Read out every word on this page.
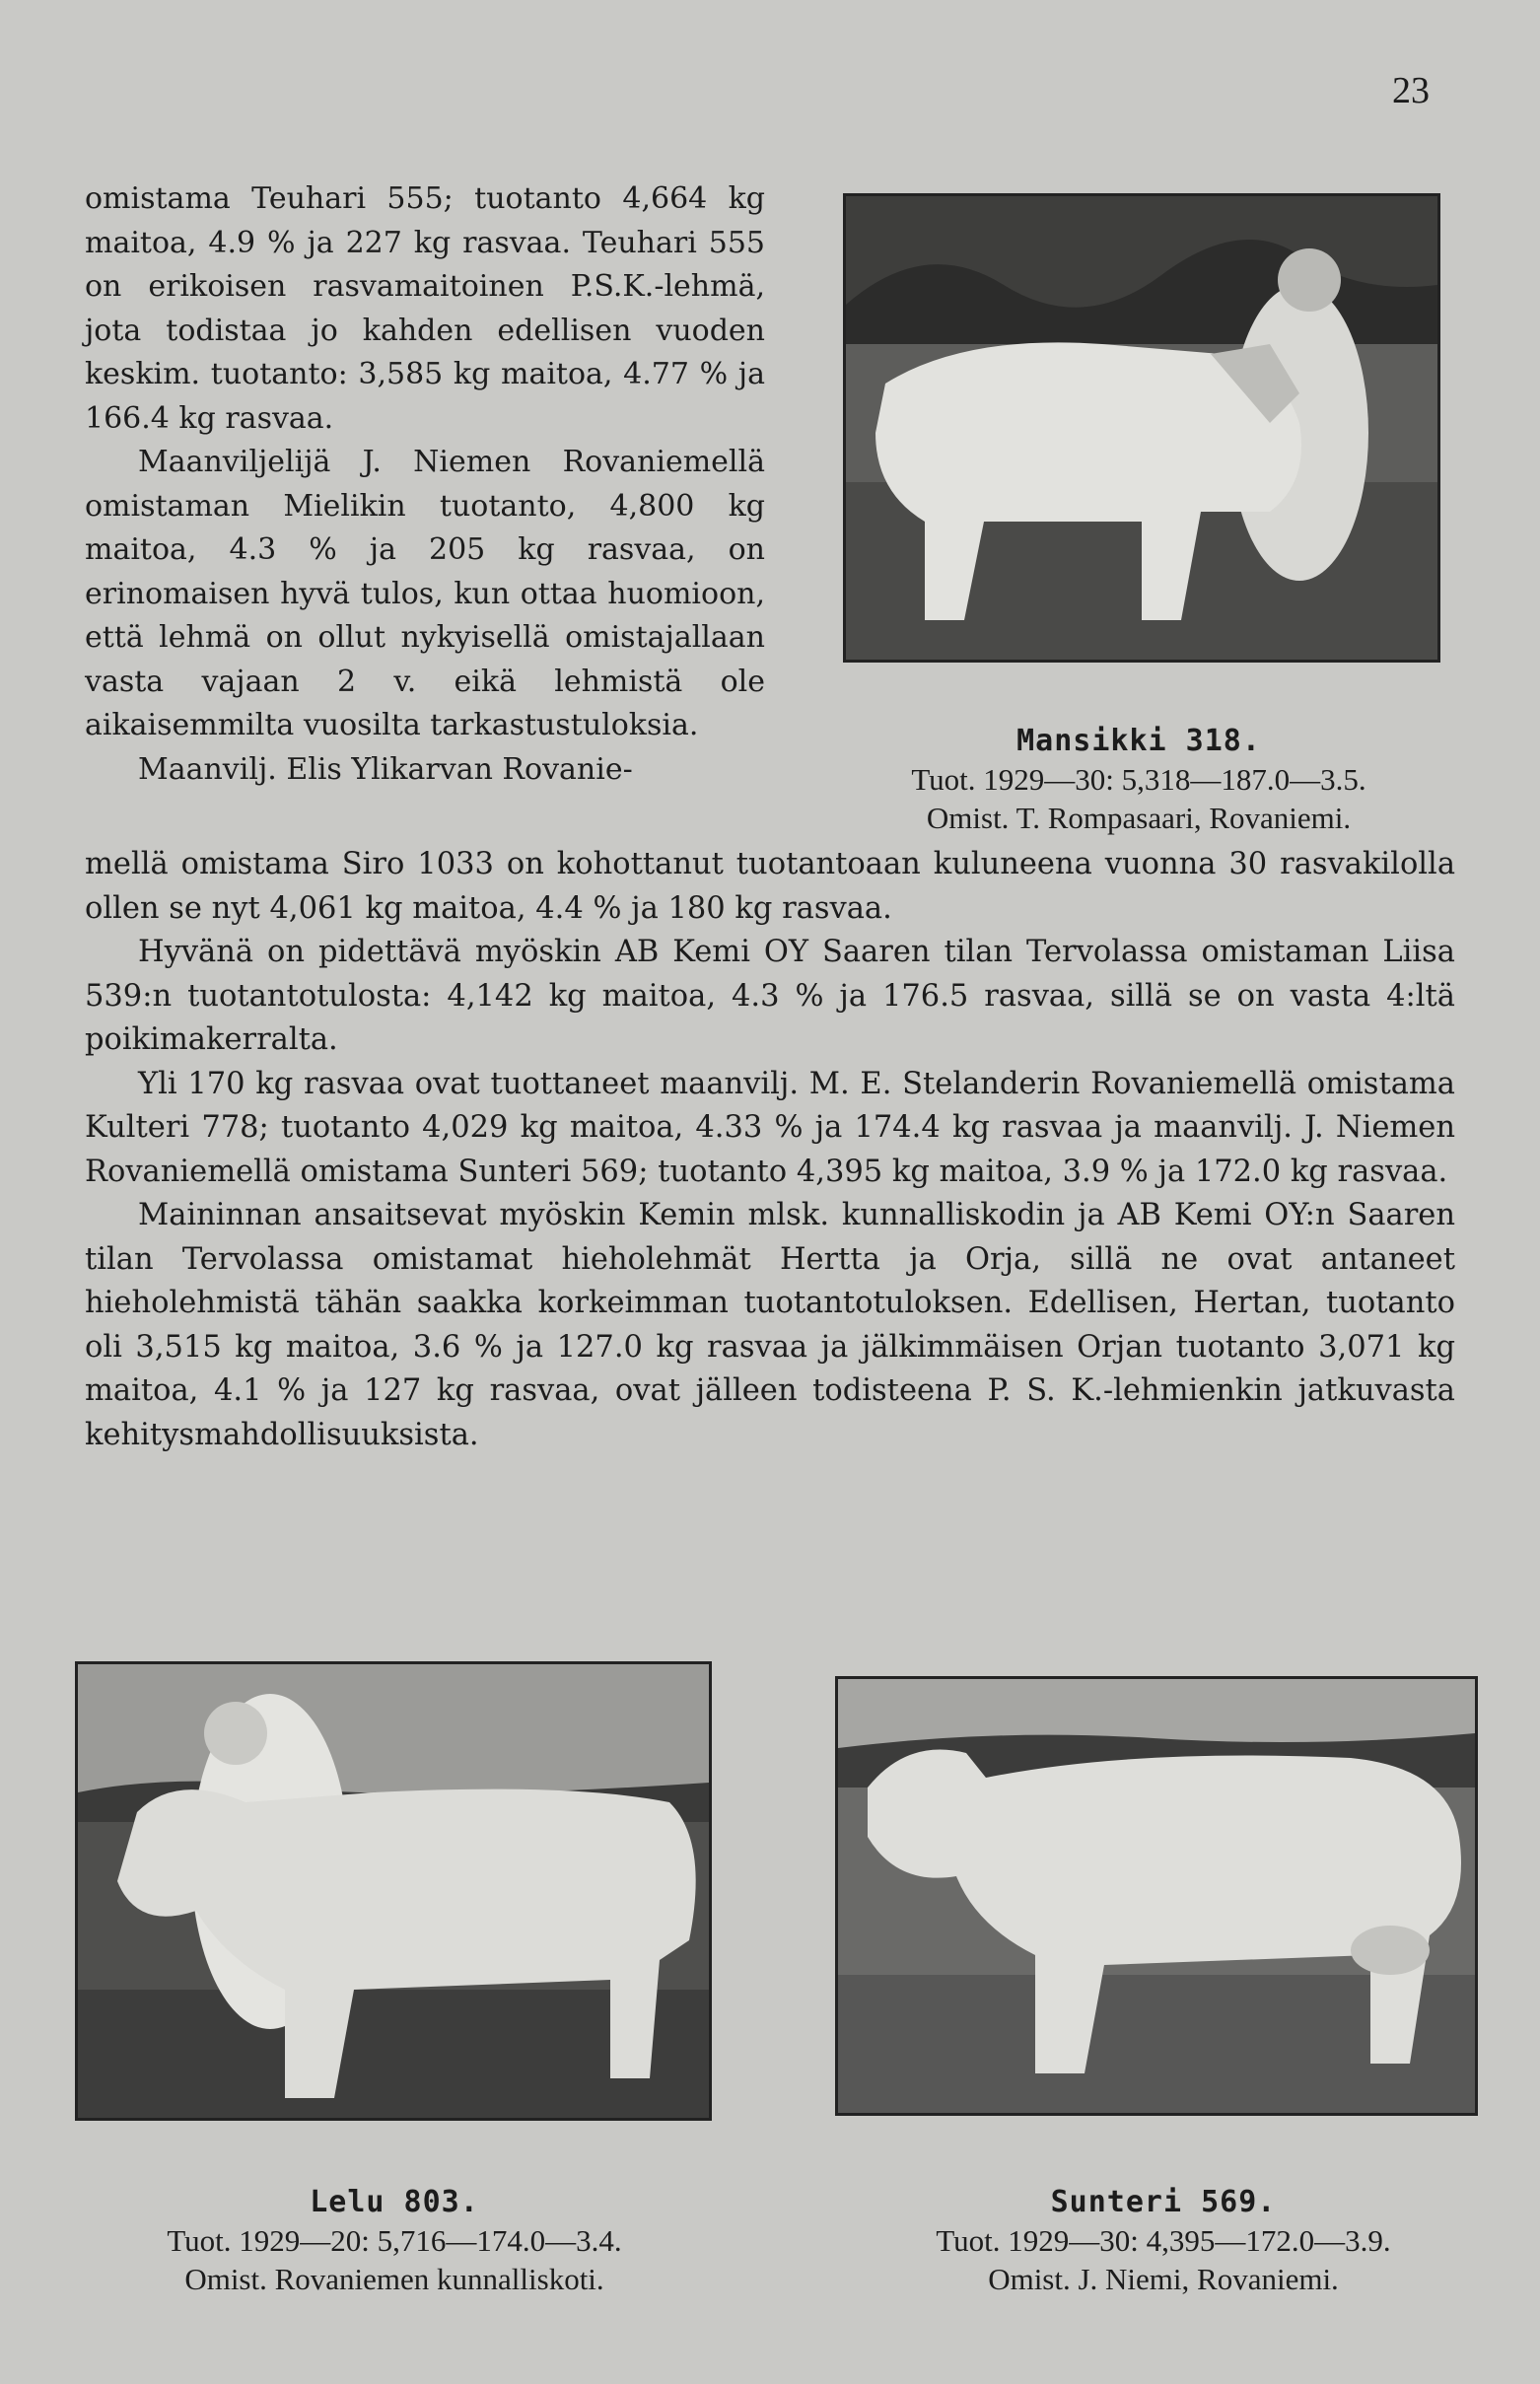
23

omistama Teuhari 555; tuotanto 4,664 kg maitoa, 4.9 % ja 227 kg rasvaa. Teuhari 555 on erikoisen rasvamaitoinen P.S.K.-lehmä, jota todistaa jo kahden edellisen vuoden keskim. tuotanto: 3,585 kg maitoa, 4.77 % ja 166.4 kg rasvaa.

Maanviljelijä J. Niemen Rovaniemellä omistaman Mielikin tuotanto, 4,800 kg maitoa, 4.3 % ja 205 kg rasvaa, on erinomaisen hyvä tulos, kun ottaa huomioon, että lehmä on ollut nykyisellä omistajallaan vasta vajaan 2 v. eikä lehmistä ole aikaisemmilta vuosilta tarkastustuloksia.

Maanvilj. Elis Ylikarvan Rovanie-

Mansikki 318.
Tuot. 1929—30: 5,318—187.0—3.5.
Omist. T. Rompasaari, Rovaniemi.

mellä omistama Siro 1033 on kohottanut tuotantoaan kuluneena vuonna 30 rasvakilolla ollen se nyt 4,061 kg maitoa, 4.4 % ja 180 kg rasvaa.

Hyvänä on pidettävä myöskin AB Kemi OY Saaren tilan Tervolassa omistaman Liisa 539:n tuotantotulosta: 4,142 kg maitoa, 4.3 % ja 176.5 rasvaa, sillä se on vasta 4:ltä poikimakerralta.

Yli 170 kg rasvaa ovat tuottaneet maanvilj. M. E. Stelanderin Rovaniemellä omistama Kulteri 778; tuotanto 4,029 kg maitoa, 4.33 % ja 174.4 kg rasvaa ja maanvilj. J. Niemen Rovaniemellä omistama Sunteri 569; tuotanto 4,395 kg maitoa, 3.9 % ja 172.0 kg rasvaa.

Maininnan ansaitsevat myöskin Kemin mlsk. kunnalliskodin ja AB Kemi OY:n Saaren tilan Tervolassa omistamat hieholehmät Hertta ja Orja, sillä ne ovat antaneet hieholehmistä tähän saakka korkeimman tuotantotuloksen. Edellisen, Hertan, tuotanto oli 3,515 kg maitoa, 3.6 % ja 127.0 kg rasvaa ja jälkimmäisen Orjan tuotanto 3,071 kg maitoa, 4.1 % ja 127 kg rasvaa, ovat jälleen todisteena P. S. K.-lehmienkin jatkuvasta kehitysmahdollisuuksista.

Lelu 803.
Tuot. 1929—20: 5,716—174.0—3.4.
Omist. Rovaniemen kunnalliskoti.
Sunteri 569.
Tuot. 1929—30: 4,395—172.0—3.9.
Omist. J. Niemi, Rovaniemi.
